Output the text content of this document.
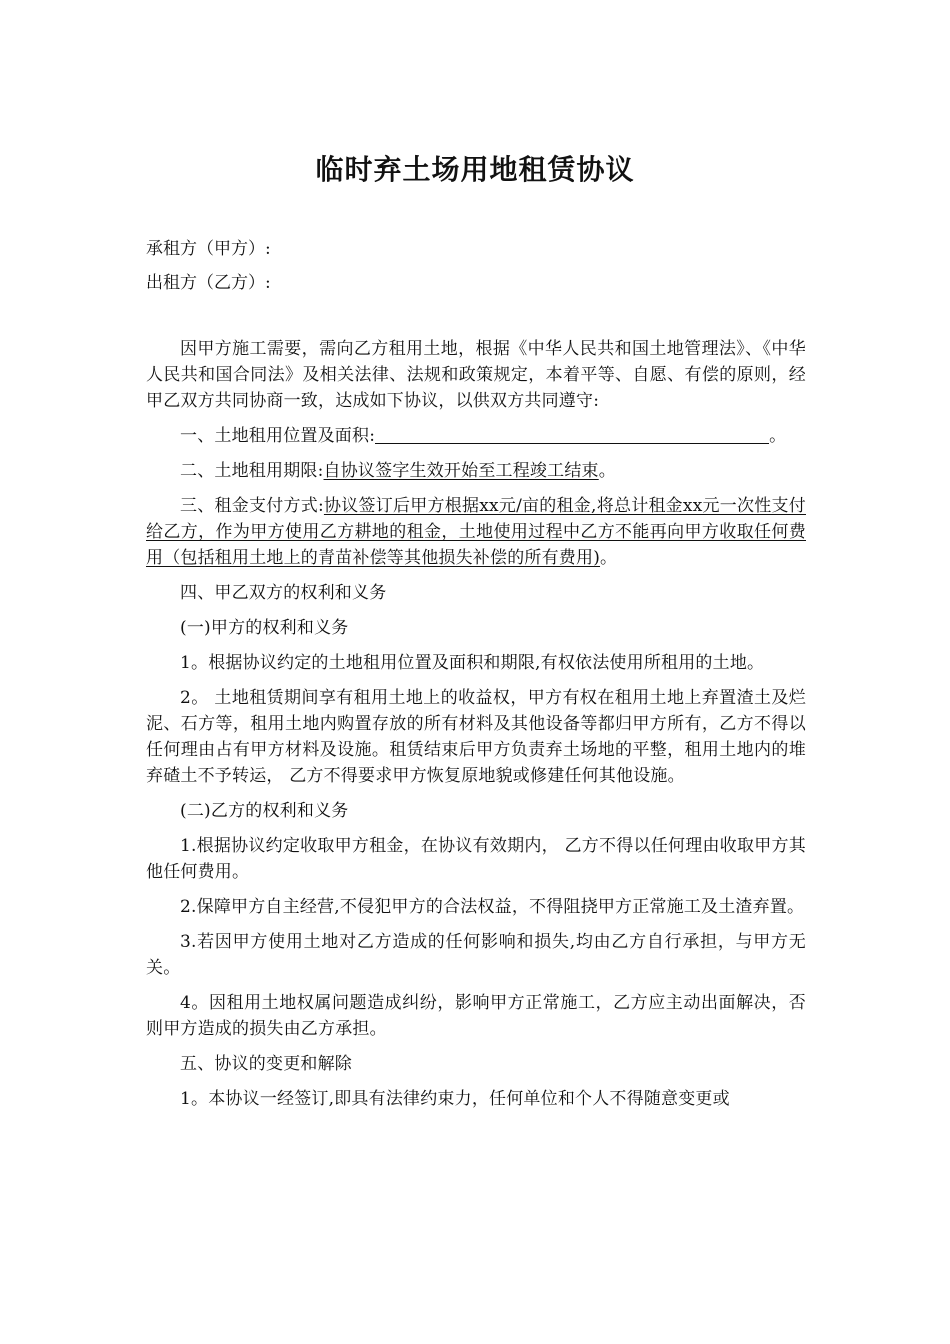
临时弃土场用地租赁协议
承租方（甲方）:
出租方（乙方）:

因甲方施工需要，需向乙方租用土地，根据《中华人民共和国土地管理法》、《中华人民共和国合同法》及相关法律、法规和政策规定，本着平等、自愿、有偿的原则，经甲乙双方共同协商一致，达成如下协议，以供双方共同遵守:

一、土地租用位置及面积:	。

二、土地租用期限:自协议签字生效开始至工程竣工结束。

三、租金支付方式:协议签订后甲方根据xx元/亩的租金,将总计租金xx元一次性支付给乙方，作为甲方使用乙方耕地的租金，土地使用过程中乙方不能再向甲方收取任何费用（包括租用土地上的青苗补偿等其他损失补偿的所有费用)。

四、甲乙双方的权利和义务

(一)甲方的权利和义务

1。根据协议约定的土地租用位置及面积和期限,有权依法使用所租用的土地。

2。 土地租赁期间享有租用土地上的收益权，甲方有权在租用土地上弃置渣土及烂泥、石方等，租用土地内购置存放的所有材料及其他设备等都归甲方所有，乙方不得以任何理由占有甲方材料及设施。租赁结束后甲方负责弃土场地的平整，租用土地内的堆弃碴土不予转运， 乙方不得要求甲方恢复原地貌或修建任何其他设施。

(二)乙方的权利和义务

1.根据协议约定收取甲方租金，在协议有效期内， 乙方不得以任何理由收取甲方其他任何费用。

2.保障甲方自主经营,不侵犯甲方的合法权益，不得阻挠甲方正常施工及土渣弃置。

3.若因甲方使用土地对乙方造成的任何影响和损失,均由乙方自行承担，与甲方无关。

4。因租用土地权属问题造成纠纷，影响甲方正常施工，乙方应主动出面解决，否则甲方造成的损失由乙方承担。

五、协议的变更和解除

1。本协议一经签订,即具有法律约束力，任何单位和个人不得随意变更或
